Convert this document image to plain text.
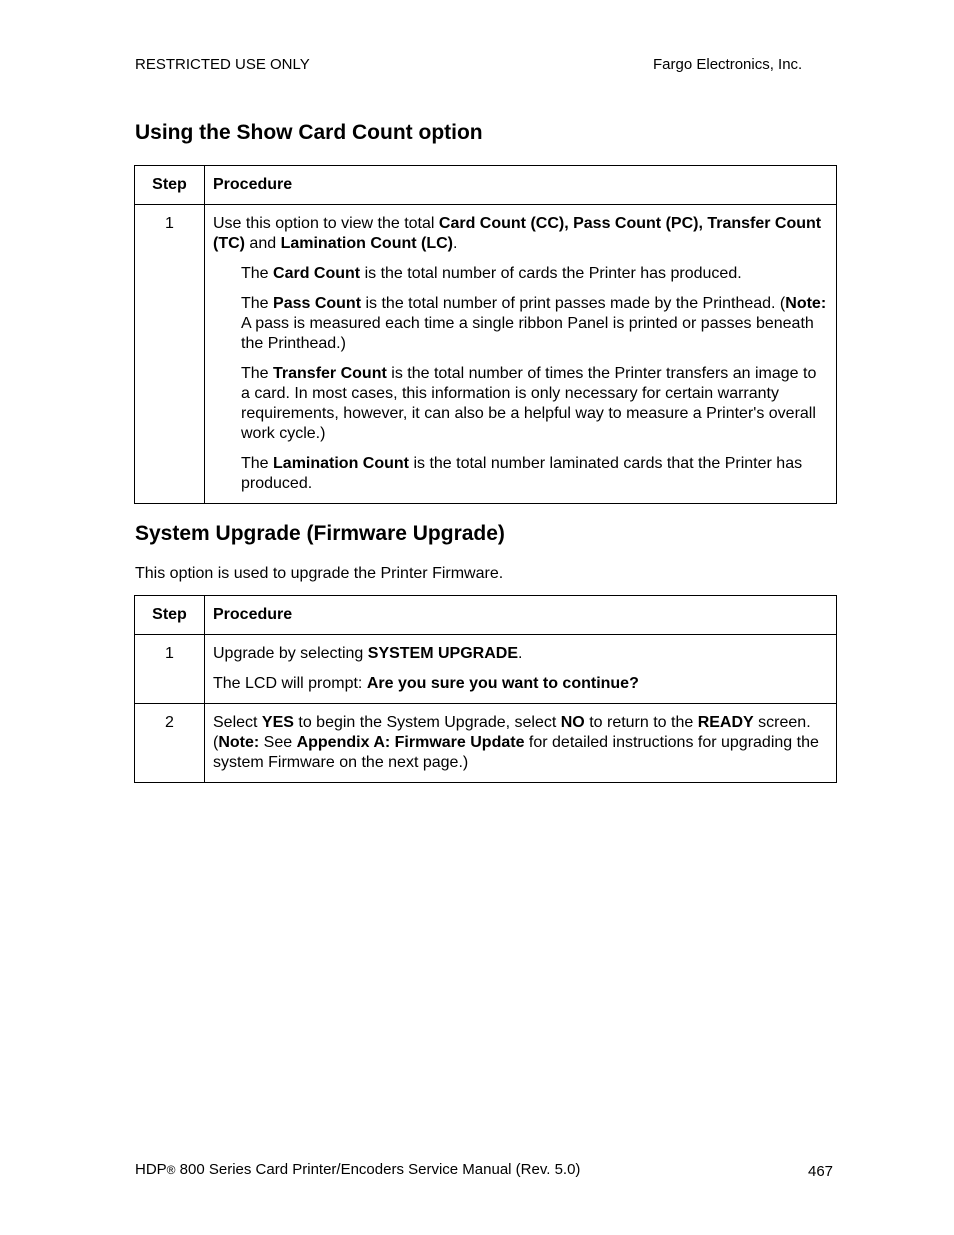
RESTRICTED USE ONLY	Fargo Electronics, Inc.
Using the Show Card Count option
Step	Procedure
1	Use this option to view the total Card Count (CC), Pass Count (PC), Transfer Count (TC) and Lamination Count (LC).

The Card Count is the total number of cards the Printer has produced.

The Pass Count is the total number of print passes made by the Printhead. (Note: A pass is measured each time a single ribbon Panel is printed or passes beneath the Printhead.)

The Transfer Count is the total number of times the Printer transfers an image to a card. In most cases, this information is only necessary for certain warranty requirements, however, it can also be a helpful way to measure a Printer's overall work cycle.)

The Lamination Count is the total number laminated cards that the Printer has produced.

System Upgrade (Firmware Upgrade)
This option is used to upgrade the Printer Firmware.
Step	Procedure
1	Upgrade by selecting SYSTEM UPGRADE.

The LCD will prompt: Are you sure you want to continue?

2	Select YES to begin the System Upgrade, select NO to return to the READY screen. (Note: See Appendix A: Firmware Update for detailed instructions for upgrading the system Firmware on the next page.)

HDP® 800 Series Card Printer/Encoders Service Manual (Rev. 5.0)	467
